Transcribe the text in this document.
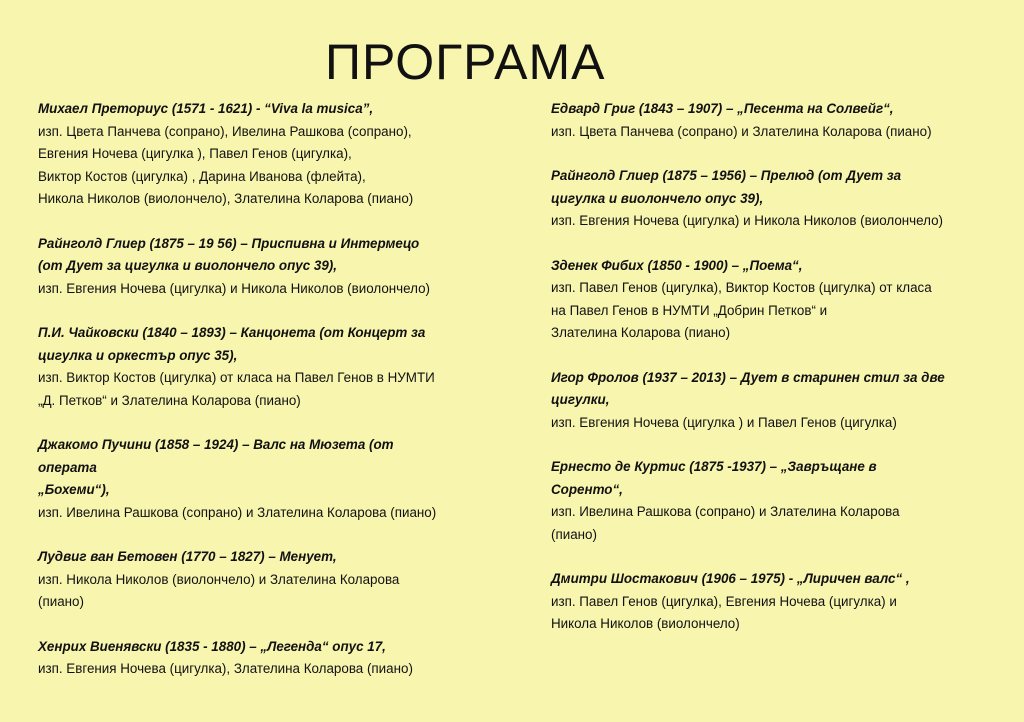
ПРОГРАМА
Михаел Преториус (1571 - 1621) - “Viva la musica”,
изп. Цвета Панчева (сопрано), Ивелина Рашкова (сопрано),
Евгения Ночева (цигулка ), Павел Генов (цигулка),
Виктор Костов (цигулка) , Дарина Иванова (флейта),
Никола Николов (виолончело), Злателина Коларова (пиано)
Райнголд Глиер (1875 – 19 56) – Приспивна и Интермецо
(от Дует за цигулка и виолончело опус 39),
изп. Евгения Ночева (цигулка) и Никола Николов (виолончело)
П.И. Чайковски (1840 – 1893) – Канцонета (от Концерт за
цигулка и оркестър опус 35),
изп. Виктор Костов (цигулка) от класа на Павел Генов в НУМТИ
„Д. Петков“ и Злателина Коларова (пиано)
Джакомо Пучини (1858 – 1924) – Валс на Мюзета (от
операта
„Бохеми“),
изп. Ивелина Рашкова (сопрано) и Злателина Коларова (пиано)
Лудвиг ван Бетовен (1770 – 1827) – Менует,
изп. Никола Николов (виолончело) и Злателина Коларова
(пиано)
Хенрих Виенявски (1835 - 1880) – „Легенда“ опус 17,
изп. Евгения Ночева (цигулка), Злателина Коларова (пиано)
Едвард Григ (1843 – 1907) – „Песента на Солвейг“,
изп. Цвета Панчева (сопрано) и Злателина Коларова (пиано)
Райнголд Глиер (1875 – 1956) – Прелюд (от Дует за
цигулка и виолончело опус 39),
изп. Евгения Ночева (цигулка) и Никола Николов (виолончело)
Зденек Фибих (1850 - 1900) – „Поема“,
изп. Павел Генов (цигулка), Виктор Костов (цигулка) от класа
на Павел Генов в НУМТИ „Добрин Петков“ и
Злателина Коларова (пиано)
Игор Фролов (1937 – 2013) – Дует в старинен стил за две
цигулки,
изп. Евгения Ночева (цигулка ) и Павел Генов (цигулка)
Ернесто де Куртис (1875 -1937) – „Завръщане в
Соренто“,
изп. Ивелина Рашкова (сопрано) и Злателина Коларова
(пиано)
Дмитри Шостакович (1906 – 1975) - „Лиричен валс“ ,
изп. Павел Генов (цигулка), Евгения Ночева (цигулка) и
Никола Николов (виолончело)
